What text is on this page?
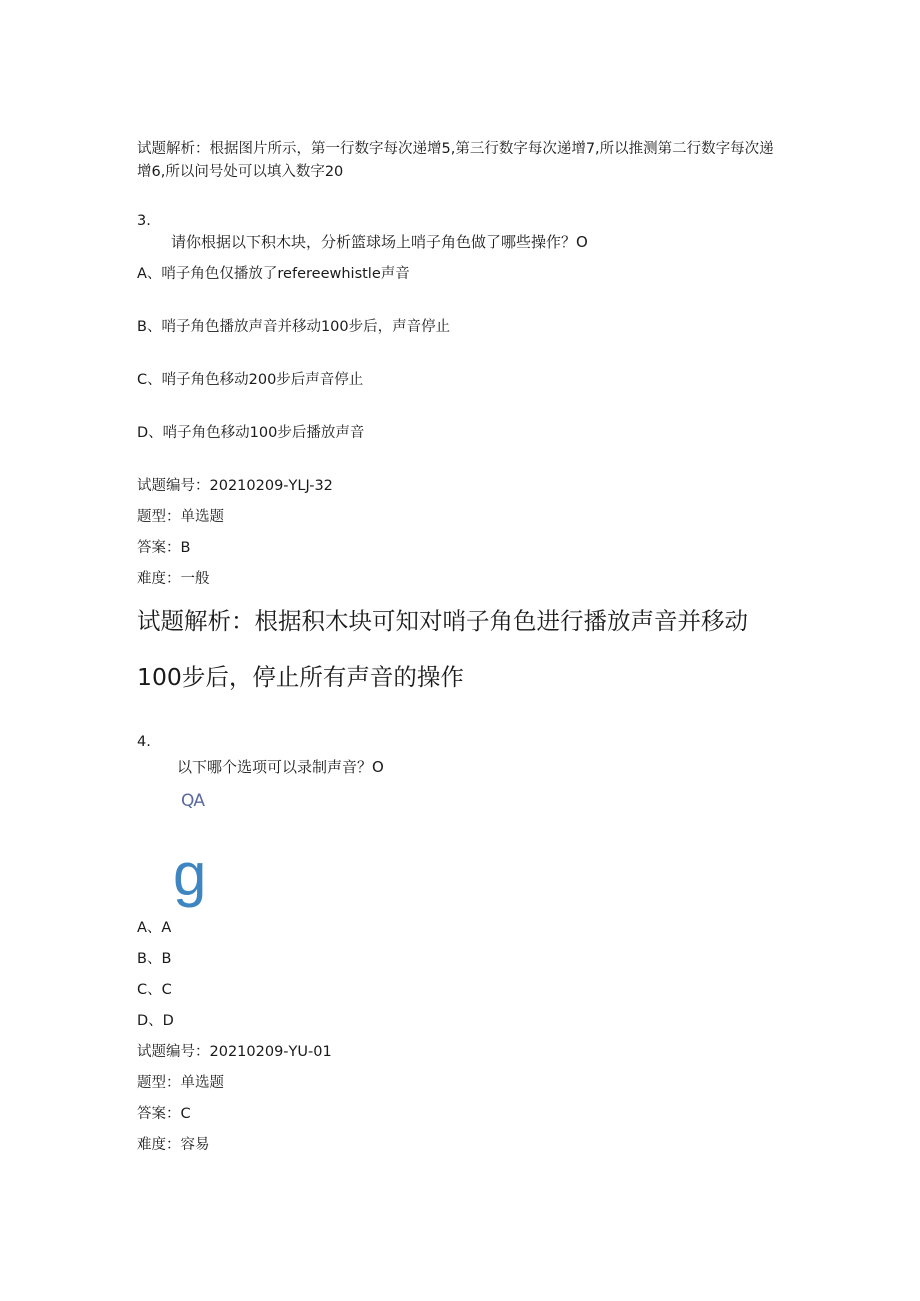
试题解析：根据图片所示，第一行数字每次递增5,第三行数字每次递增7,所以推测第二行数字每次递增6,所以问号处可以填入数字20
3.
请你根据以下积木块，分析篮球场上哨子角色做了哪些操作？O
A、哨子角色仅播放了refereewhistle声音
B、哨子角色播放声音并移动100步后，声音停止
C、哨子角色移动200步后声音停止
D、哨子角色移动100步后播放声音
试题编号：20210209-YLJ-32
题型：单选题
答案：B
难度：一般
试题解析：根据积木块可知对哨子角色进行播放声音并移动
100步后，停止所有声音的操作
4.
以下哪个选项可以录制声音？O
QA
g
A、A
B、B
C、C
D、D
试题编号：20210209-YU-01
题型：单选题
答案：C
难度：容易
